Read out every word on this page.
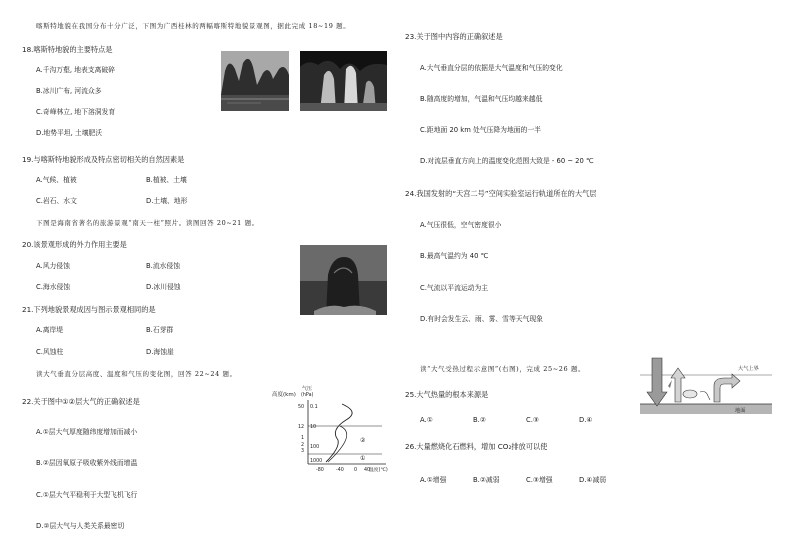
喀斯特地貌在我国分布十分广泛，下图为广西桂林的两幅喀斯特地貌景观图，据此完成 18~19 题。
18.喀斯特地貌的主要特点是
A.千沟万壑, 地表支离破碎
B.冰川广布, 河流众多
C.奇峰林立, 地下溶洞发育
D.地势平坦, 土壤肥沃
19.与喀斯特地貌形成及特点密切相关的自然因素是
A.气候、植被	B.植被、土壤
C.岩石、水文	D.土壤、地形
下图是海南省著名的旅游景观“南天一柱”照片。读图回答 20~21 题。
20.该景观形成的外力作用主要是
A.风力侵蚀	B.流水侵蚀
C.海水侵蚀	D.冰川侵蚀
21.下列地貌景观成因与图示景观相同的是
A.离岸堤	B.石芽群
C.风蚀柱	D.海蚀崖
读大气垂直分层高度、温度和气压的变化图，回答 22~24 题。
22.关于图中①②层大气的正确叙述是
A.①层大气厚度随纬度增加而减小
B.②层因氧原子吸收紫外线而增温
C.①层大气平稳利于大型飞机飞行
D.②层大气与人类关系最密切
高度(km)
气压
(hPa)
50
12
1
2
3
0.1
10
100
1000
②
①
-80	-40 0 40
温度(℃)
23.关于图中内容的正确叙述是
A.大气垂直分层的依据是大气温度和气压的变化
B.随高度的增加，气温和气压均越来越低
C.距地面 20 km 处气压降为地面的一半
D.对流层垂直方向上的温度变化范围大致是 - 60 ~ 20 ℃
24.我国发射的“天宫二号”空间实验室运行轨道所在的大气层
A.气压很低，空气密度很小
B.最高气温约为 40 ℃
C.气流以平流运动为主
D.有时会发生云、雨、雾、雪等天气现象
读“大气受热过程示意图”(右图)，完成 25~26 题。	大气上界
地面
25.大气热量的根本来源是
A.①	B.②	C.③	D.④
26.大量燃烧化石燃料，增加 CO₂排放可以使
A.①增强	B.②减弱	C.③增强	D.④减弱
